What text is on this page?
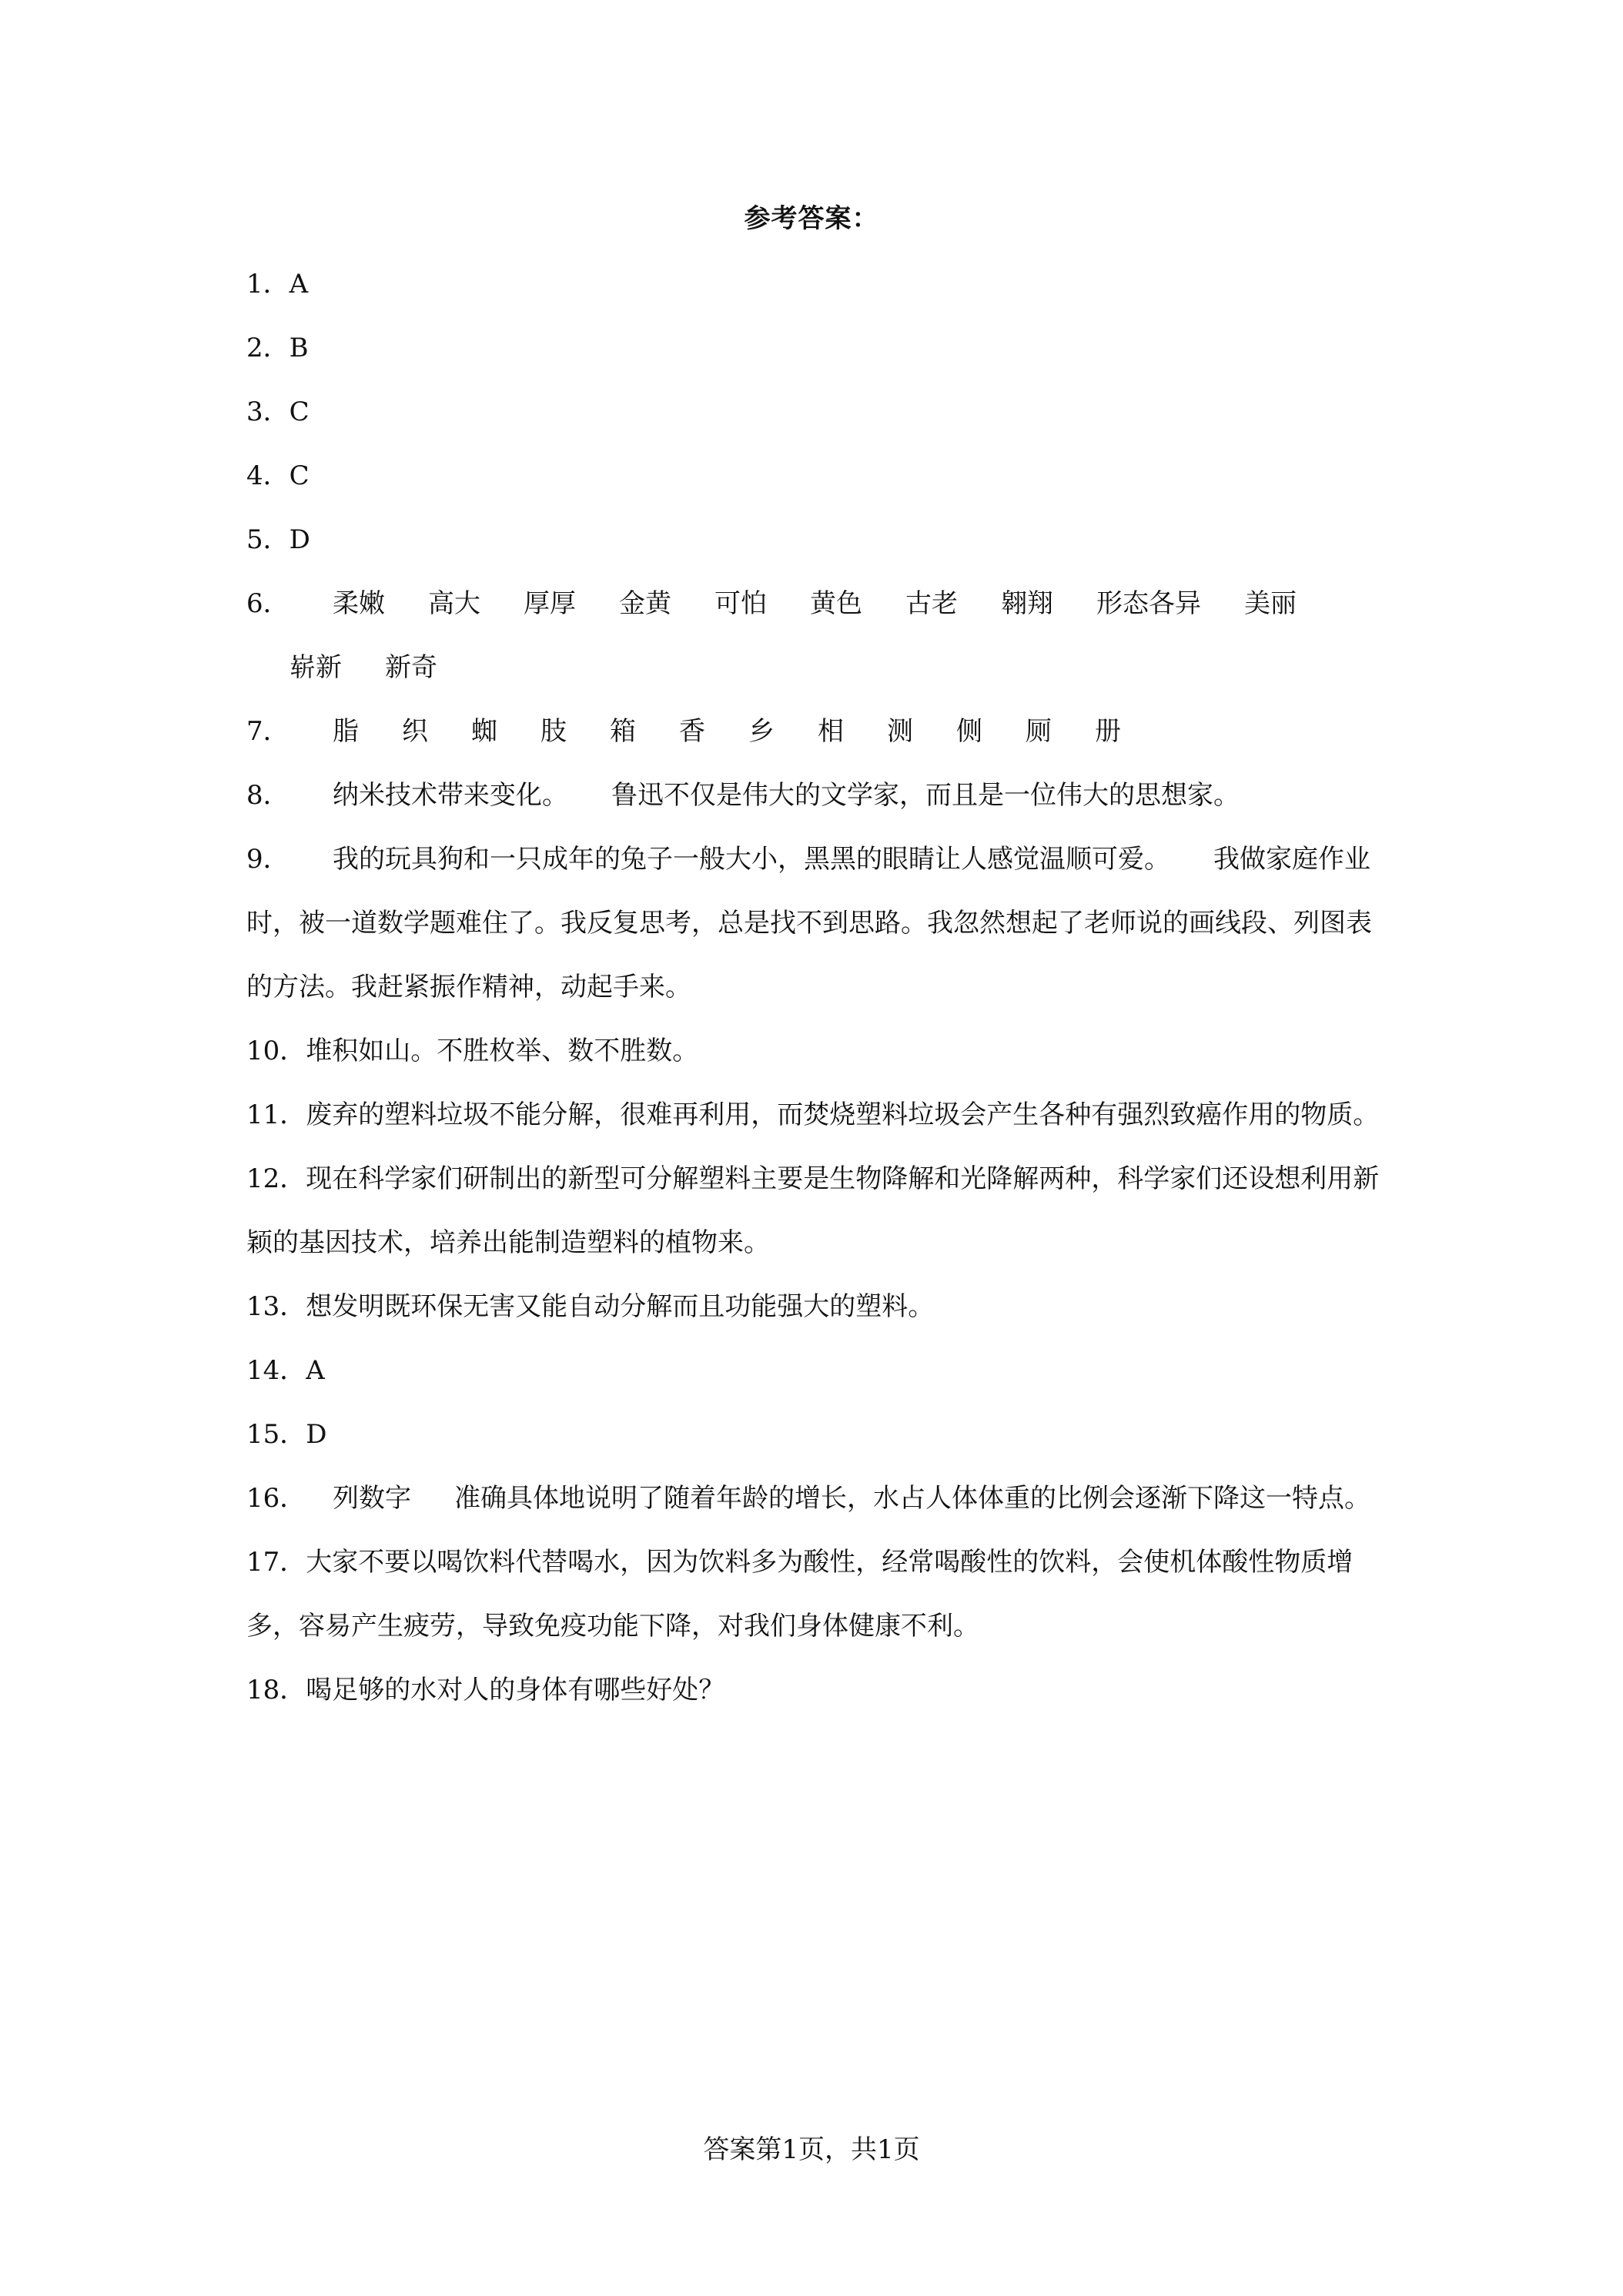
参考答案：
1．A
2．B
3．C
4．C
5．D
6． 柔嫩 高大 厚厚 金黄 可怕 黄色 古老 翱翔 形态各异 美丽崭新 新奇
7． 脂 织 蜘 肢 箱 香 乡 相 测 侧 厕 册
8． 纳米技术带来变化。 鲁迅不仅是伟大的文学家，而且是一位伟大的思想家。
9． 我的玩具狗和一只成年的兔子一般大小，黑黑的眼睛让人感觉温顺可爱。 我做家庭作业时，被一道数学题难住了。我反复思考，总是找不到思路。我忽然想起了老师说的画线段、列图表的方法。我赶紧振作精神，动起手来。
10．堆积如山。不胜枚举、数不胜数。
11．废弃的塑料垃圾不能分解，很难再利用，而焚烧塑料垃圾会产生各种有强烈致癌作用的物质。
12．现在科学家们研制出的新型可分解塑料主要是生物降解和光降解两种，科学家们还设想利用新颖的基因技术，培养出能制造塑料的植物来。
13．想发明既环保无害又能自动分解而且功能强大的塑料。
14．A
15．D
16． 列数字 准确具体地说明了随着年龄的增长，水占人体体重的比例会逐渐下降这一特点。
17．大家不要以喝饮料代替喝水，因为饮料多为酸性，经常喝酸性的饮料，会使机体酸性物质增多，容易产生疲劳，导致免疫功能下降，对我们身体健康不利。
18．喝足够的水对人的身体有哪些好处？
答案第1页，共1页
